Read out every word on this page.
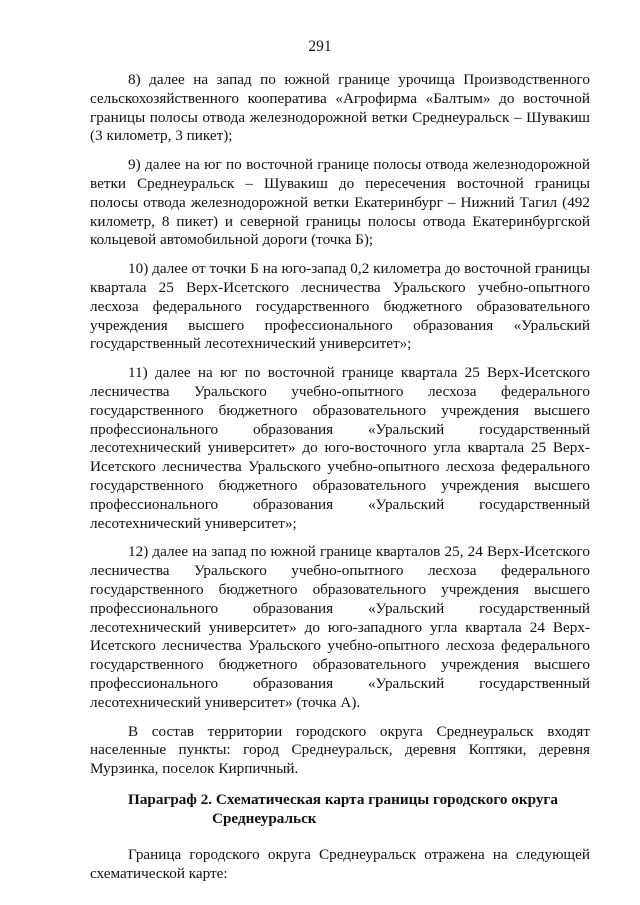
291

8) далее на запад по южной границе урочища Производственного сельскохозяйственного кооператива «Агрофирма «Балтым» до восточной границы полосы отвода железнодорожной ветки Среднеуральск – Шувакиш (3 километр, 3 пикет);

9) далее на юг по восточной границе полосы отвода железнодорожной ветки Среднеуральск – Шувакиш до пересечения восточной границы полосы отвода железнодорожной ветки Екатеринбург – Нижний Тагил (492 километр, 8 пикет) и северной границы полосы отвода Екатеринбургской кольцевой автомобильной дороги (точка Б);

10) далее от точки Б на юго-запад 0,2 километра до восточной границы квартала 25 Верх-Исетского лесничества Уральского учебно-опытного лесхоза федерального государственного бюджетного образовательного учреждения высшего профессионального образования «Уральский государственный лесотехнический университет»;

11) далее на юг по восточной границе квартала 25 Верх-Исетского лесничества Уральского учебно-опытного лесхоза федерального государственного бюджетного образовательного учреждения высшего профессионального образования «Уральский государственный лесотехнический университет» до юго-восточного угла квартала 25 Верх-Исетского лесничества Уральского учебно-опытного лесхоза федерального государственного бюджетного образовательного учреждения высшего профессионального образования «Уральский государственный лесотехнический университет»;

12) далее на запад по южной границе кварталов 25, 24 Верх-Исетского лесничества Уральского учебно-опытного лесхоза федерального государственного бюджетного образовательного учреждения высшего профессионального образования «Уральский государственный лесотехнический университет» до юго-западного угла квартала 24 Верх-Исетского лесничества Уральского учебно-опытного лесхоза федерального государственного бюджетного образовательного учреждения высшего профессионального образования «Уральский государственный лесотехнический университет» (точка А).

В состав территории городского округа Среднеуральск входят населенные пункты: город Среднеуральск, деревня Коптяки, деревня Мурзинка, поселок Кирпичный.

Параграф 2. Схематическая карта границы городского округа
Среднеуральск

Граница городского округа Среднеуральск отражена на следующей схематической карте:
